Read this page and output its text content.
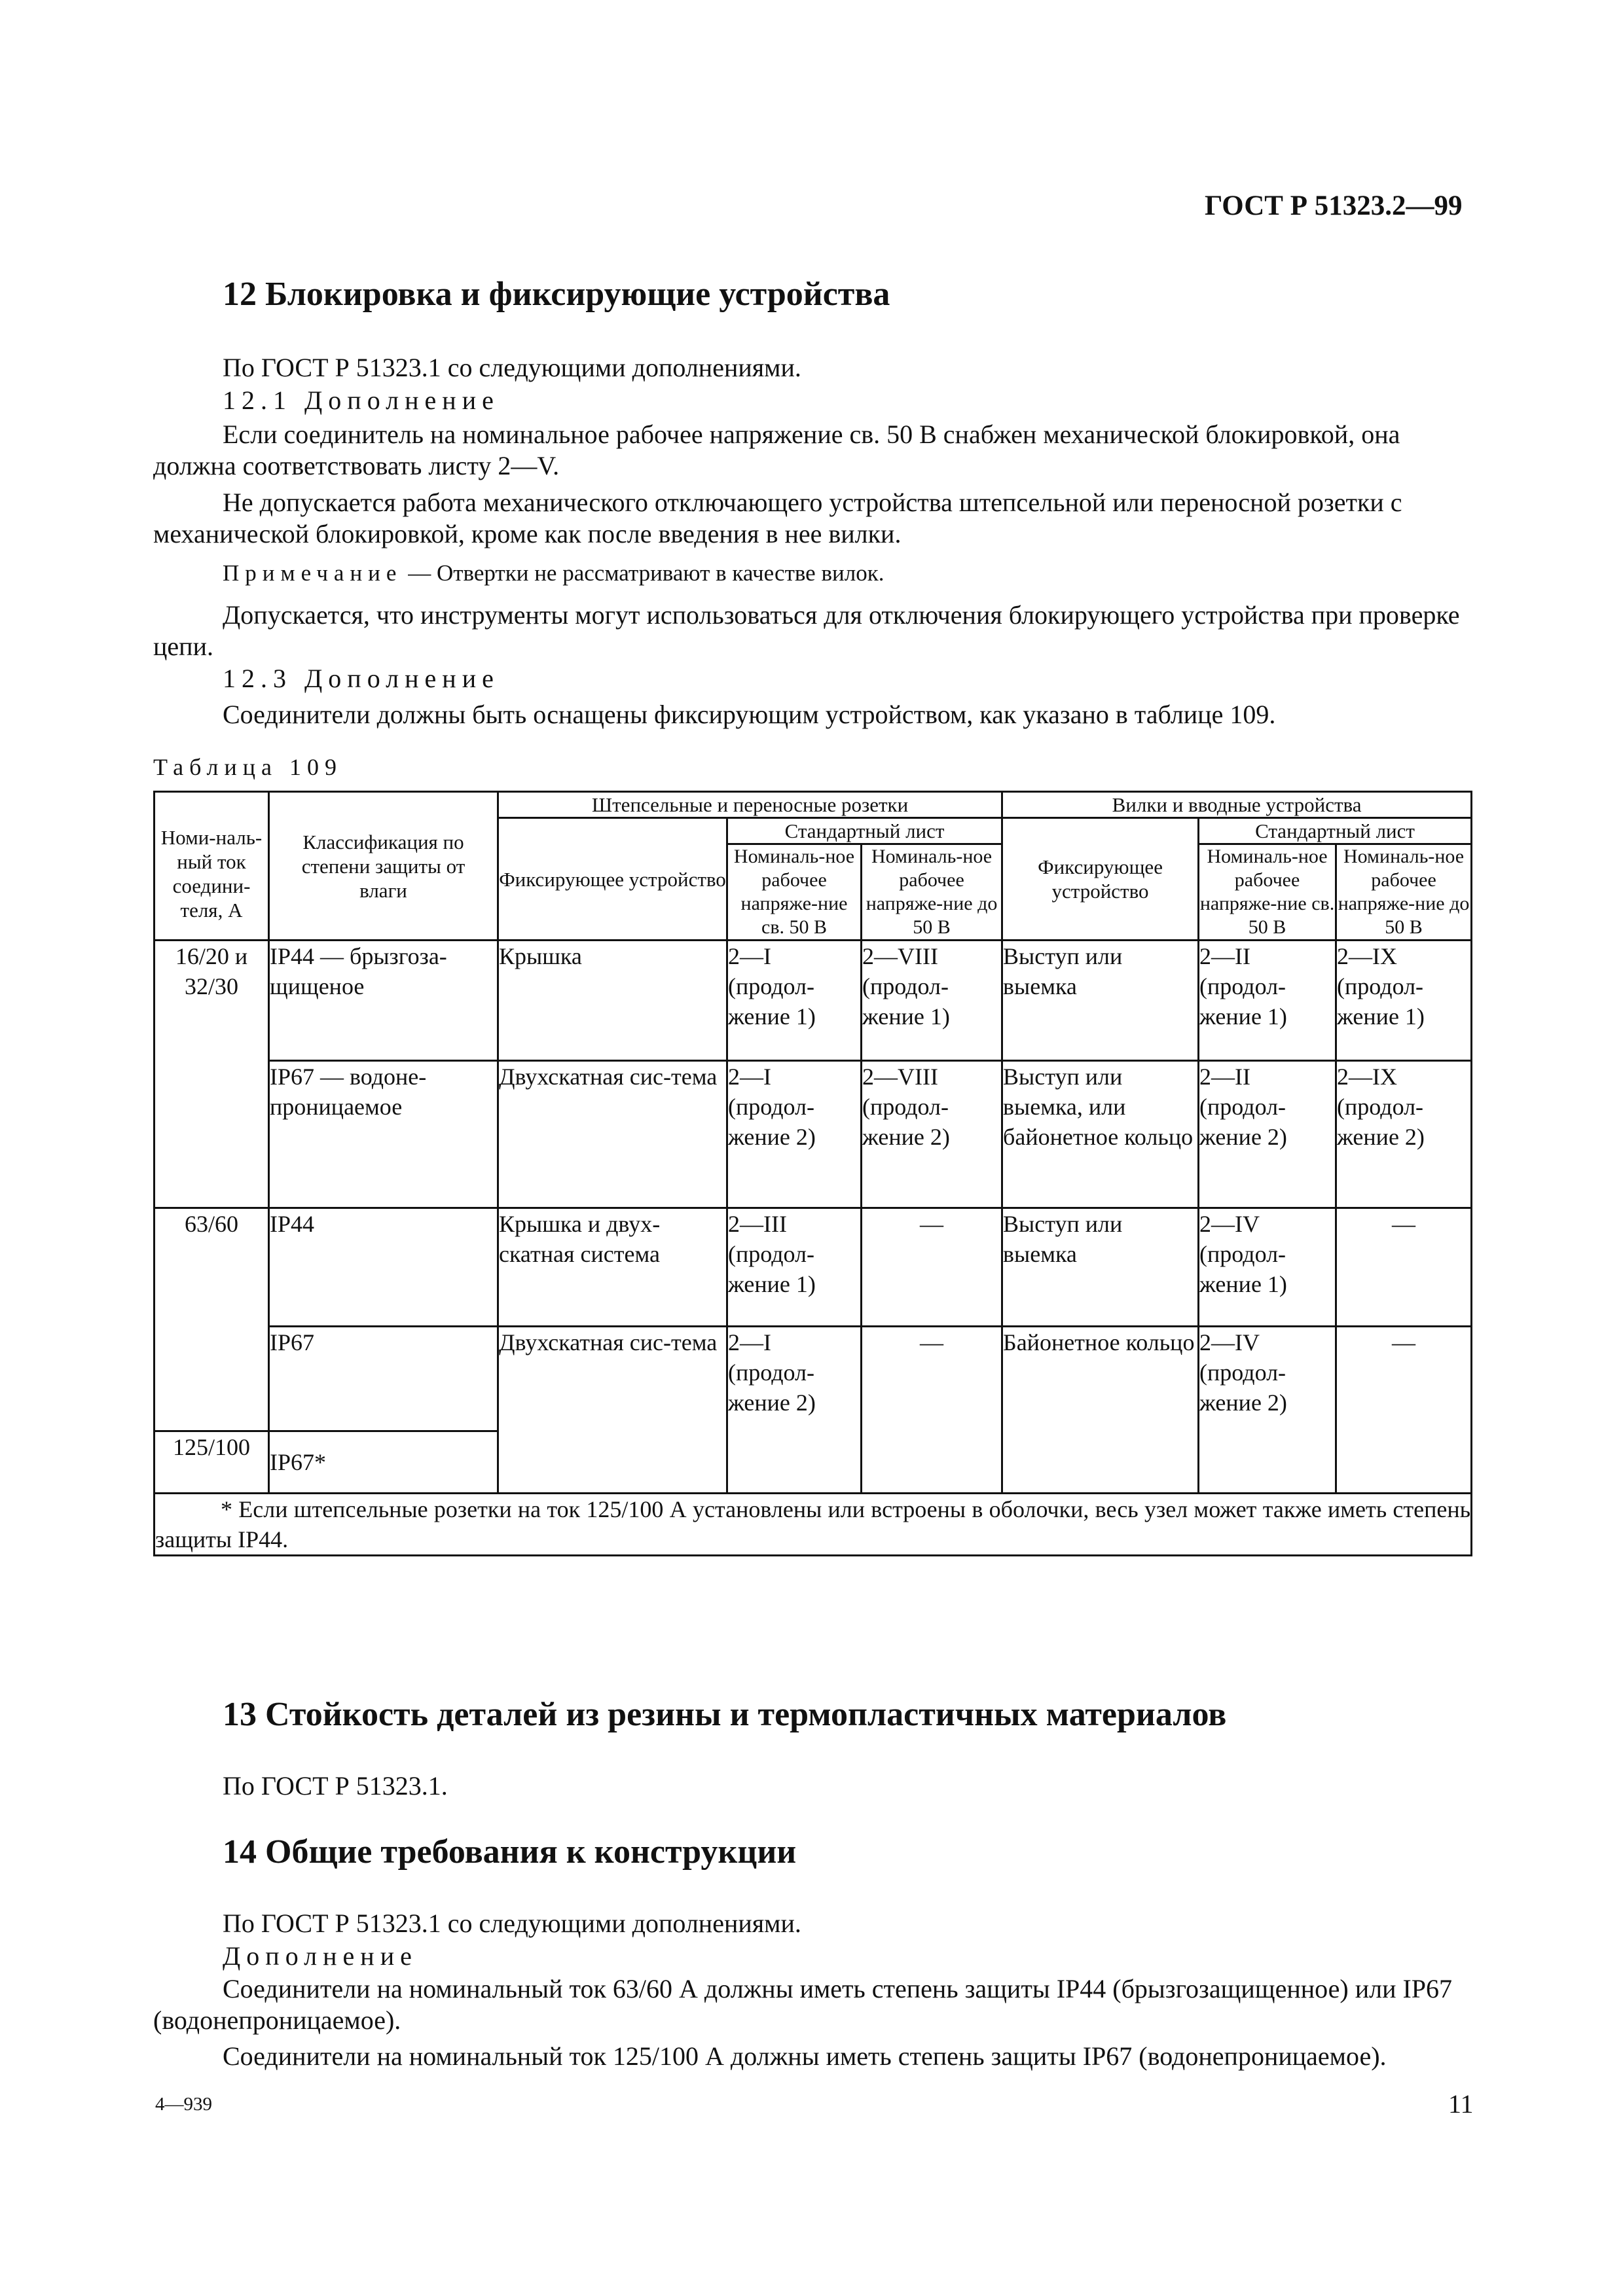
ГОСТ Р 51323.2—99
12 Блокировка и фиксирующие устройства

По ГОСТ Р 51323.1 со следующими дополнениями.

12.1 Дополнение

Если соединитель на номинальное рабочее напряжение св. 50 В снабжен механической блокировкой, она должна соответствовать листу 2—V.

Не допускается работа механического отключающего устройства штепсельной или переносной розетки с механической блокировкой, кроме как после введения в нее вилки.

Примечание — Отвертки не рассматривают в качестве вилок.

Допускается, что инструменты могут использоваться для отключения блокирующего устройства при проверке цепи.

12.3 Дополнение

Соединители должны быть оснащены фиксирующим устройством, как указано в таблице 109.

Таблица 109
Номи-наль-ный ток соедини-теля, А	Классификация по степени защиты от влаги	Штепсельные и переносные розетки			Вилки и вводные устройства		
		Фиксирующее устройство	Стандартный лист		Фиксирующее устройство	Стандартный лист	
			Номиналь-ное рабочее напряже-ние св. 50 В	Номиналь-ное рабочее напряже-ние до 50 В		Номиналь-ное рабочее напряже-ние св. 50 В	Номиналь-ное рабочее напряже-ние до 50 В
16/20 и 32/30	IP44 — брызгоза-щищеное	Крышка	2—I (продол-жение 1)	2—VIII (продол-жение 1)	Выступ или выемка	2—II (продол-жение 1)	2—IX (продол-жение 1)
	IP67 — водоне-проницаемое	Двухскатная сис-тема	2—I (продол-жение 2)	2—VIII (продол-жение 2)	Выступ или выемка, или байонетное кольцо	2—II (продол-жение 2)	2—IX (продол-жение 2)
63/60	IP44	Крышка и двух-скатная система	2—III (продол-жение 1)	—	Выступ или выемка	2—IV (продол-жение 1)	—
	IP67	Двухскатная сис-тема	2—I (продол-жение 2)	—	Байонетное кольцо	2—IV (продол-жение 2)	—
125/100	IP67*						
* Если штепсельные розетки на ток 125/100 А установлены или встроены в оболочки, весь узел может также иметь степень защиты IP44.							
13 Стойкость деталей из резины и термопластичных материалов

По ГОСТ Р 51323.1.

14 Общие требования к конструкции

По ГОСТ Р 51323.1 со следующими дополнениями.

Дополнение

Соединители на номинальный ток 63/60 А должны иметь степень защиты IP44 (брызгозащищенное) или IP67 (водонепроницаемое).

Соединители на номинальный ток 125/100 А должны иметь степень защиты IP67 (водонепроницаемое).

4—939	11
